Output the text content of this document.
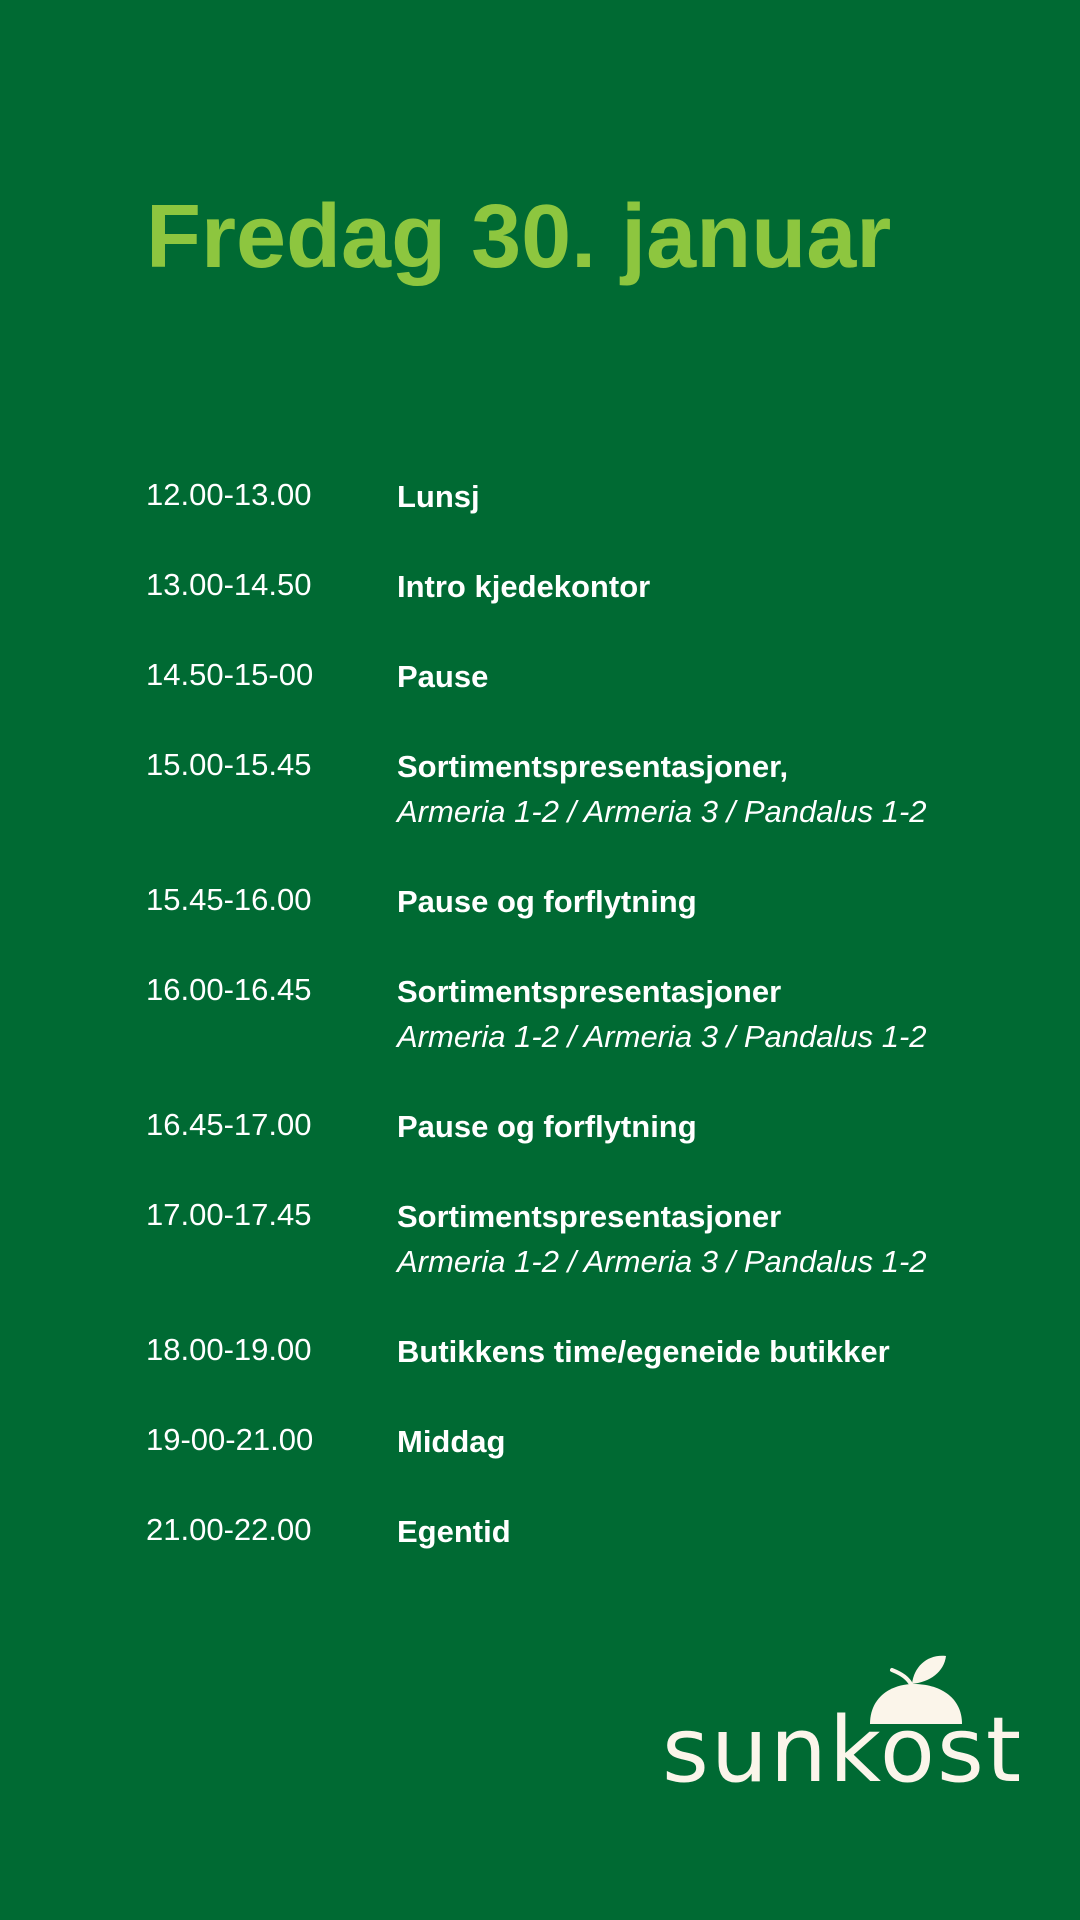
Fredag 30. januar
12.00-13.00	Lunsj
13.00-14.50	Intro kjedekontor
14.50-15-00	Pause
15.00-15.45	Sortimentspresentasjoner,
Armeria 1-2 / Armeria 3 / Pandalus 1-2
15.45-16.00	Pause og forflytning
16.00-16.45	Sortimentspresentasjoner
Armeria 1-2 / Armeria 3 / Pandalus 1-2
16.45-17.00	Pause og forflytning
17.00-17.45	Sortimentspresentasjoner
Armeria 1-2 / Armeria 3 / Pandalus 1-2
18.00-19.00	Butikkens time/egeneide butikker
19-00-21.00	Middag
21.00-22.00	Egentid
sunkost
